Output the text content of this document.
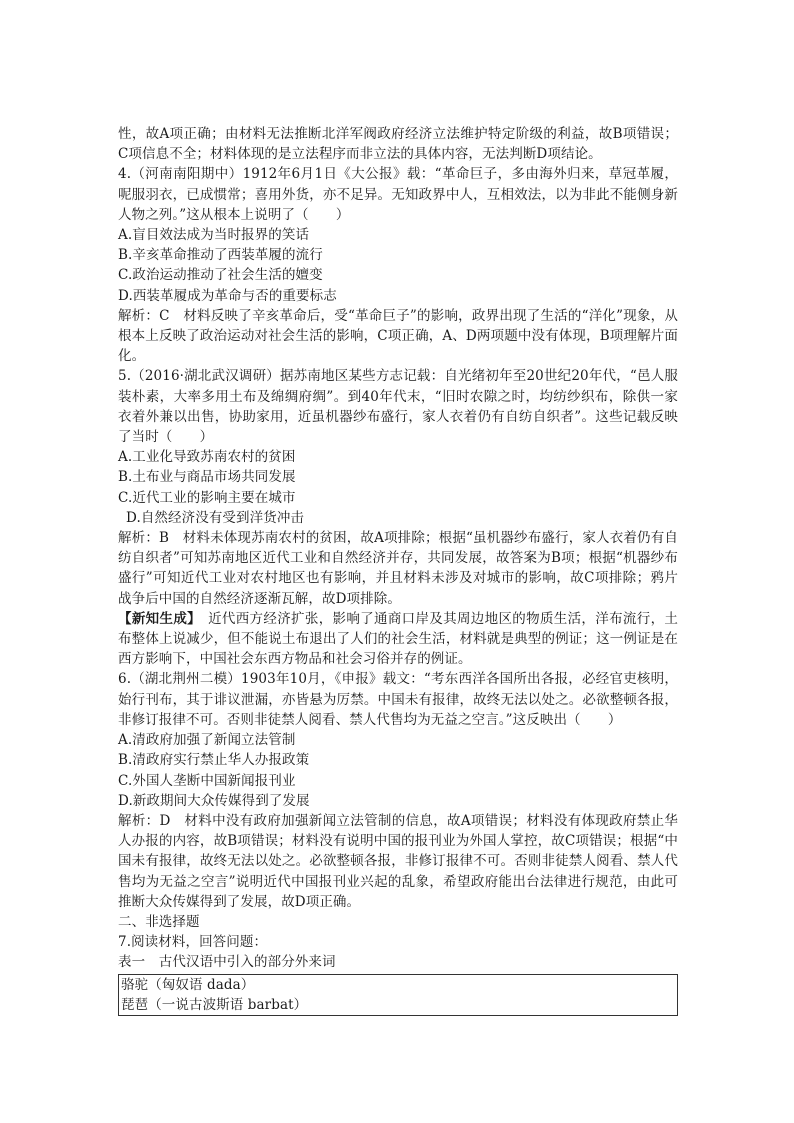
性，故A项正确；由材料无法推断北洋军阀政府经济立法维护特定阶级的利益，故B项错误；C项信息不全；材料体现的是立法程序而非立法的具体内容，无法判断D项结论。

4.（河南南阳期中）1912年6月1日《大公报》载：“革命巨子，多由海外归来，草冠革履，呢服羽衣，已成惯常；喜用外货，亦不足异。无知政界中人，互相效法，以为非此不能侧身新人物之列。”这从根本上说明了（　　）

A.盲目效法成为当时报界的笑话

B.辛亥革命推动了西装革履的流行

C.政治运动推动了社会生活的嬗变

D.西装革履成为革命与否的重要标志

解析：C　材料反映了辛亥革命后，受“革命巨子”的影响，政界出现了生活的“洋化”现象，从根本上反映了政治运动对社会生活的影响，C项正确，A、D两项题中没有体现，B项理解片面化。

5.（2016·湖北武汉调研）据苏南地区某些方志记载：自光绪初年至20世纪20年代，“邑人服装朴素，大率多用土布及绵绸府绸”。到40年代末，“旧时农隙之时，均纺纱织布，除供一家衣着外兼以出售，协助家用，近虽机器纱布盛行，家人衣着仍有自纺自织者”。这些记载反映了当时（　　）

A.工业化导致苏南农村的贫困

B.土布业与商品市场共同发展

C.近代工业的影响主要在城市

D.自然经济没有受到洋货冲击

解析：B　材料未体现苏南农村的贫困，故A项排除；根据“虽机器纱布盛行，家人衣着仍有自纺自织者”可知苏南地区近代工业和自然经济并存，共同发展，故答案为B项；根据“机器纱布盛行”可知近代工业对农村地区也有影响，并且材料未涉及对城市的影响，故C项排除；鸦片战争后中国的自然经济逐渐瓦解，故D项排除。

【新知生成】　近代西方经济扩张，影响了通商口岸及其周边地区的物质生活，洋布流行，土布整体上说减少，但不能说土布退出了人们的社会生活，材料就是典型的例证；这一例证是在西方影响下，中国社会东西方物品和社会习俗并存的例证。

6.（湖北荆州二模）1903年10月，《申报》载文：“考东西洋各国所出各报，必经官吏核明，始行刊布，其于诽议泄漏，亦皆悬为厉禁。中国未有报律，故终无法以处之。必欲整顿各报，非修订报律不可。否则非徒禁人阅看、禁人代售均为无益之空言。”这反映出（　　）

A.清政府加强了新闻立法管制

B.清政府实行禁止华人办报政策

C.外国人垄断中国新闻报刊业

D.新政期间大众传媒得到了发展

解析：D　材料中没有政府加强新闻立法管制的信息，故A项错误；材料没有体现政府禁止华人办报的内容，故B项错误；材料没有说明中国的报刊业为外国人掌控，故C项错误；根据“中国未有报律，故终无法以处之。必欲整顿各报，非修订报律不可。否则非徒禁人阅看、禁人代售均为无益之空言”说明近代中国报刊业兴起的乱象，希望政府能出台法律进行规范，由此可推断大众传媒得到了发展，故D项正确。

二、非选择题

7.阅读材料，回答问题：

表一　古代汉语中引入的部分外来词

骆驼（匈奴语 dada）
琵琶（一说古波斯语 barbat）
